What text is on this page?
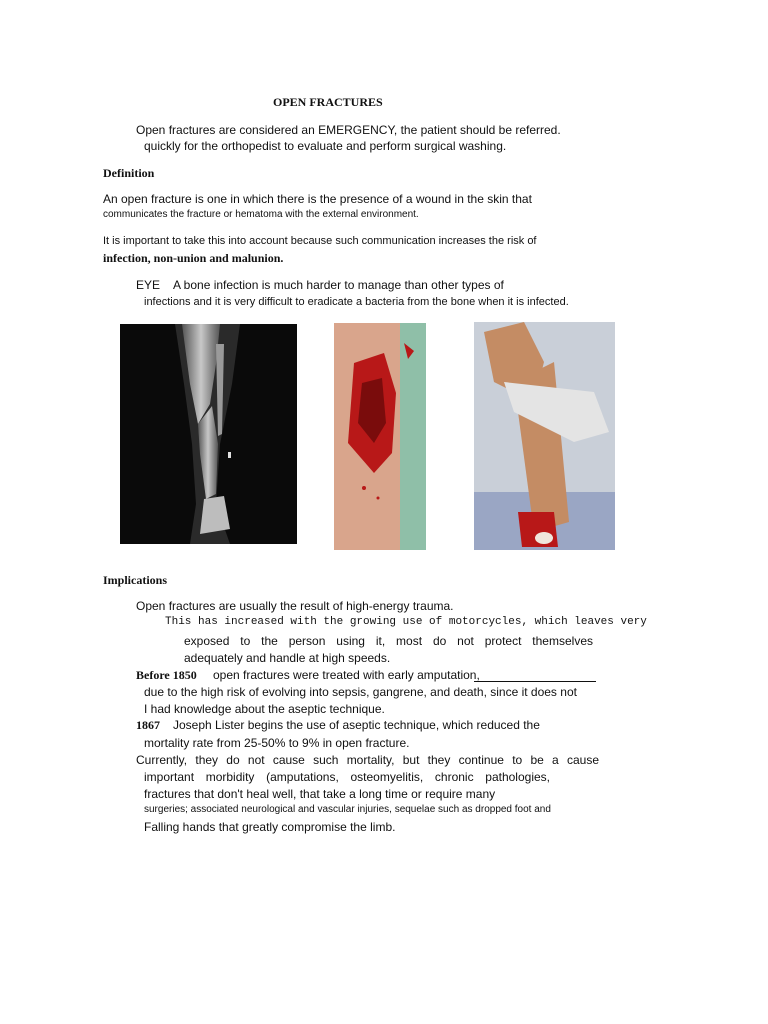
OPEN FRACTURES
Open fractures are considered an EMERGENCY, the patient should be referred.
quickly for the orthopedist to evaluate and perform surgical washing.
Definition
An open fracture is one in which there is the presence of a wound in the skin that
communicates the fracture or hematoma with the external environment.
It is important to take this into account because such communication increases the risk of
infection, non-union and malunion.
EYE A bone infection is much harder to manage than other types of
infections and it is very difficult to eradicate a bacteria from the bone when it is infected.
Implications
Open fractures are usually the result of high-energy trauma.
This has increased with the growing use of motorcycles, which leaves very
exposed to the person using it, most do not protect themselves
adequately and handle at high speeds.
Before 1850 open fractures were treated with early amputation,
due to the high risk of evolving into sepsis, gangrene, and death, since it does not
I had knowledge about the aseptic technique.
1867 Joseph Lister begins the use of aseptic technique, which reduced the
mortality rate from 25-50% to 9% in open fracture.
Currently, they do not cause such mortality, but they continue to be a cause
important morbidity (amputations, osteomyelitis, chronic pathologies,
fractures that don't heal well, that take a long time or require many
surgeries; associated neurological and vascular injuries, sequelae such as dropped foot and
Falling hands that greatly compromise the limb.
